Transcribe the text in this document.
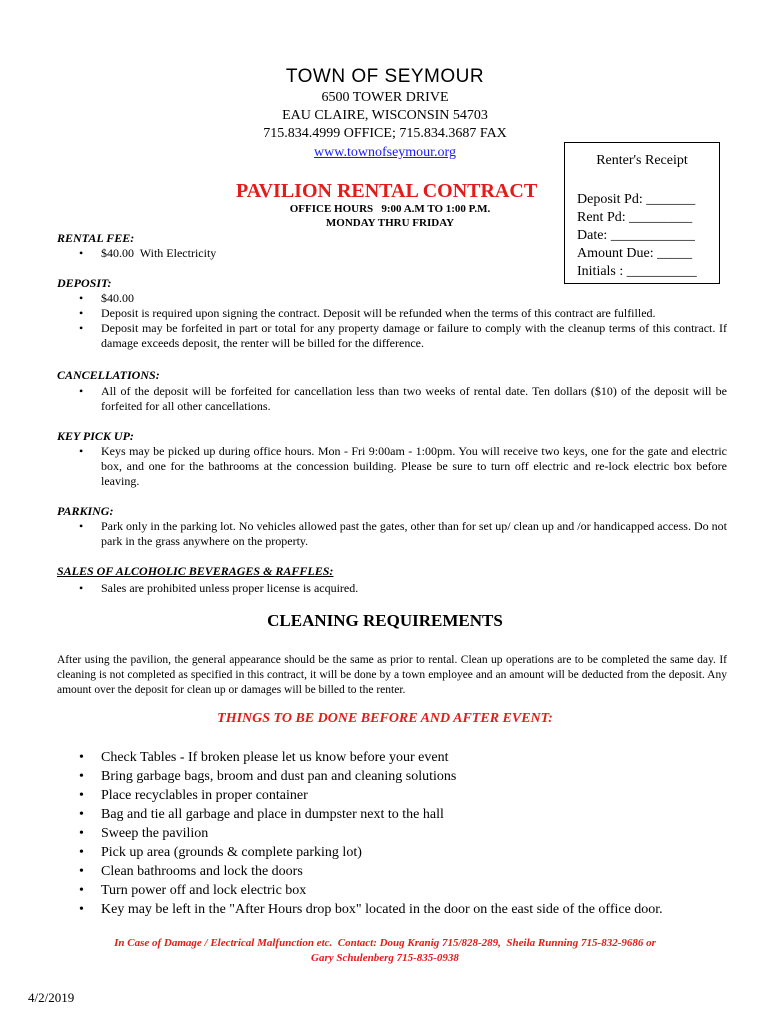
TOWN OF SEYMOUR
6500 TOWER DRIVE
EAU CLAIRE, WISCONSIN 54703
715.834.4999 OFFICE; 715.834.3687 FAX
www.townofseymour.org
PAVILION RENTAL CONTRACT
OFFICE HOURS   9:00 A.M TO 1:00 P.M.
MONDAY THRU FRIDAY
Renter's Receipt
Deposit Pd: _______
Rent Pd: _________
Date: ____________
Amount Due: _____
Initials : __________
RENTAL FEE:
• $40.00  With Electricity
DEPOSIT:
• $40.00
• Deposit is required upon signing the contract. Deposit will be refunded when the terms of this contract are fulfilled.
• Deposit may be forfeited in part or total for any property damage or failure to comply with the cleanup terms of this contract. If damage exceeds deposit, the renter will be billed for the difference.
CANCELLATIONS:
• All of the deposit will be forfeited for cancellation less than two weeks of rental date. Ten dollars ($10) of the deposit will be forfeited for all other cancellations.
KEY PICK UP:
• Keys may be picked up during office hours. Mon - Fri 9:00am - 1:00pm. You will receive two keys, one for the gate and electric box, and one for the bathrooms at the concession building. Please be sure to turn off electric and re-lock electric box before leaving.
PARKING:
• Park only in the parking lot. No vehicles allowed past the gates, other than for set up/ clean up and /or handicapped access. Do not park in the grass anywhere on the property.
SALES OF ALCOHOLIC BEVERAGES & RAFFLES:
• Sales are prohibited unless proper license is acquired.
CLEANING REQUIREMENTS
After using the pavilion, the general appearance should be the same as prior to rental. Clean up operations are to be completed the same day. If cleaning is not completed as specified in this contract, it will be done by a town employee and an amount will be deducted from the deposit. Any amount over the deposit for clean up or damages will be billed to the renter.
THINGS TO BE DONE BEFORE AND AFTER EVENT:
• Check Tables - If broken please let us know before your event
• Bring garbage bags, broom and dust pan and cleaning solutions
• Place recyclables in proper container
• Bag and tie all garbage and place in dumpster next to the hall
• Sweep the pavilion
• Pick up area (grounds & complete parking lot)
• Clean bathrooms and lock the doors
• Turn power off and lock electric box
• Key may be left in the "After Hours drop box" located in the door on the east side of the office door.
In Case of Damage / Electrical Malfunction etc.  Contact: Doug Kranig 715/828-289,  Sheila Running 715-832-9686 or
Gary Schulenberg 715-835-0938
4/2/2019
